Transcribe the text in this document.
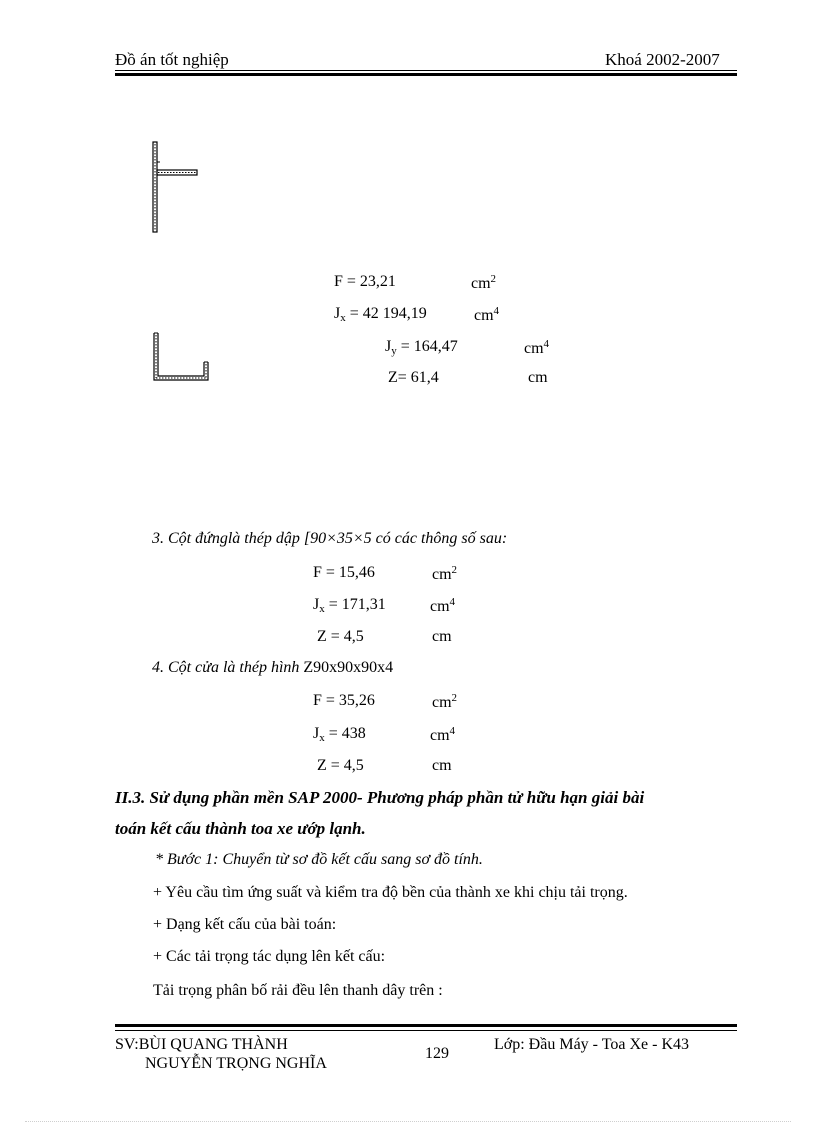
Đồ án tốt nghiệp	Khoá 2002-2007
F = 23,21	$cm^2$
$J_x = 42$ 194,19	$cm^4$
$J_y = 164,47$	$cm^4$
Z= 61,4	cm
3. Cột đứnglà thép dập [90×35×5 có các thông số sau:
F = 15,46	$cm^2$
$J_x = 171,31$	$cm^4$
Z = 4,5	cm
4. Cột cửa là thép hình Z90x90x90x4
F = 35,26	$cm^2$
$J_x = 438$	$cm^4$
Z = 4,5	cm
II.3. Sử dụng phần mền SAP 2000- Phương pháp phần tử hữu hạn giải bài
toán kết cấu thành toa xe ướp lạnh.
* Bước 1: Chuyển từ sơ đồ kết cấu sang sơ đồ tính.
+ Yêu cầu tìm ứng suất và kiểm tra độ bền của thành xe khi chịu tải trọng.
+ Dạng kết cấu của bài toán:
+ Các tải trọng tác dụng lên kết cấu:
Tải trọng phân bố rải đều lên thanh dây trên :
SV:BÙI QUANG THÀNH
NGUYỄN TRỌNG NGHĨA
129
Lớp: Đầu Máy - Toa Xe - K43
